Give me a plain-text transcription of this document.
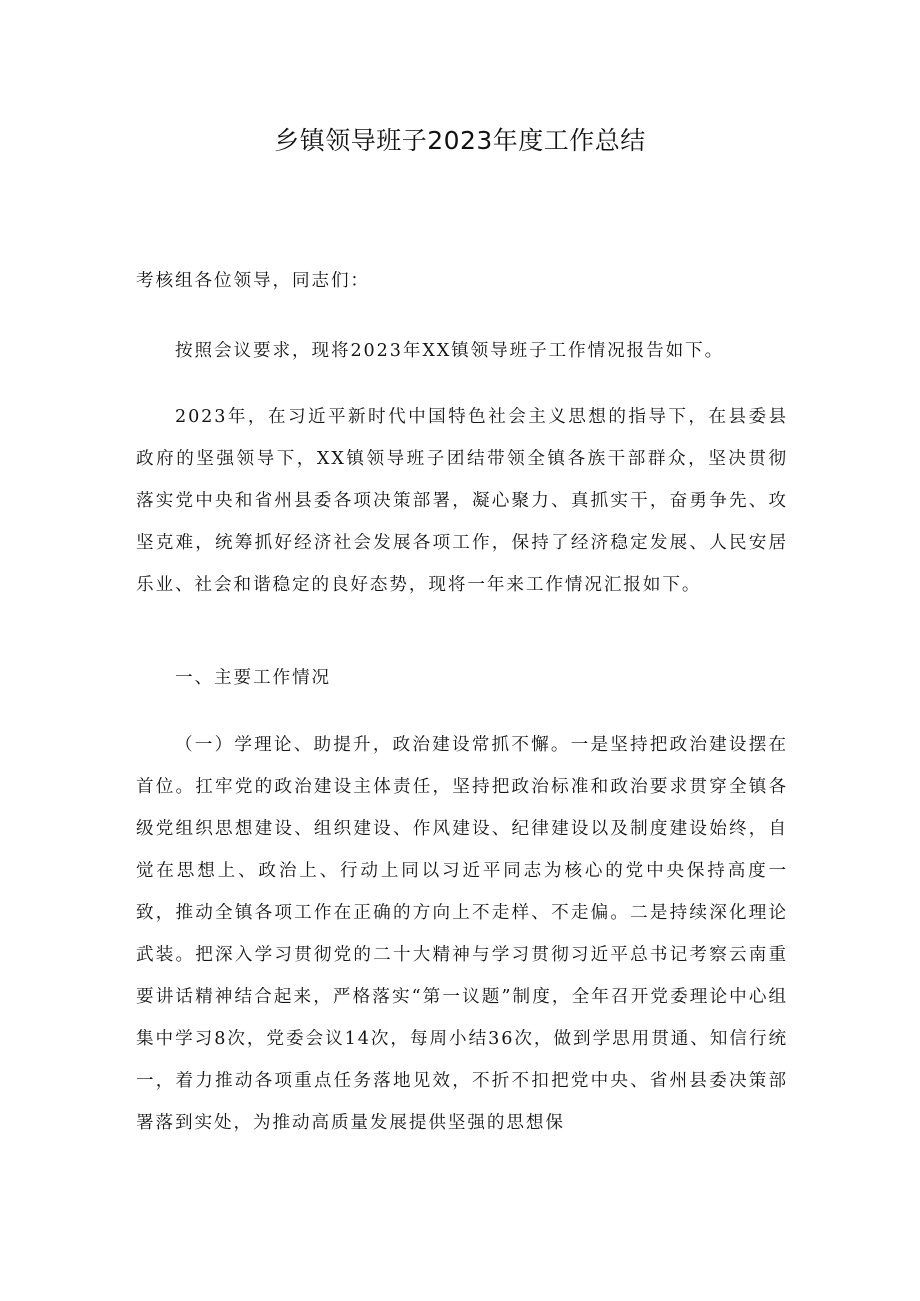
乡镇领导班子2023年度工作总结

考核组各位领导，同志们：

按照会议要求，现将2023年XX镇领导班子工作情况报告如下。

2023年，在习近平新时代中国特色社会主义思想的指导下，在县委县政府的坚强领导下，XX镇领导班子团结带领全镇各族干部群众，坚决贯彻落实党中央和省州县委各项决策部署，凝心聚力、真抓实干，奋勇争先、攻坚克难，统筹抓好经济社会发展各项工作，保持了经济稳定发展、人民安居乐业、社会和谐稳定的良好态势，现将一年来工作情况汇报如下。

一、主要工作情况

（一）学理论、助提升，政治建设常抓不懈。一是坚持把政治建设摆在首位。扛牢党的政治建设主体责任，坚持把政治标准和政治要求贯穿全镇各级党组织思想建设、组织建设、作风建设、纪律建设以及制度建设始终，自觉在思想上、政治上、行动上同以习近平同志为核心的党中央保持高度一致，推动全镇各项工作在正确的方向上不走样、不走偏。二是持续深化理论武装。把深入学习贯彻党的二十大精神与学习贯彻习近平总书记考察云南重要讲话精神结合起来，严格落实“第一议题”制度，全年召开党委理论中心组集中学习8次，党委会议14次，每周小结36次，做到学思用贯通、知信行统一，着力推动各项重点任务落地见效，不折不扣把党中央、省州县委决策部署落到实处，为推动高质量发展提供坚强的思想保
